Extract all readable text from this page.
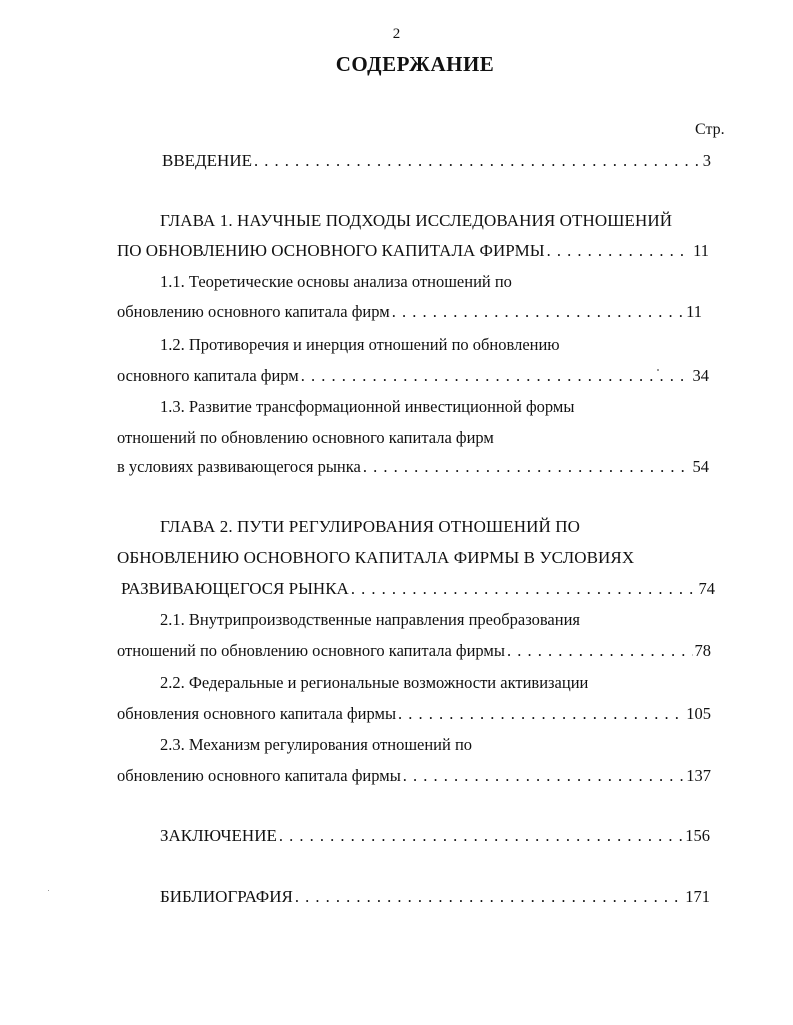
2
СОДЕРЖАНИЕ
Стр.
ВВЕДЕНИЕ . . .	3
ГЛАВА 1. НАУЧНЫЕ ПОДХОДЫ ИССЛЕДОВАНИЯ ОТНОШЕНИЙ
ПО ОБНОВЛЕНИЮ ОСНОВНОГО КАПИТАЛА ФИРМЫ . . .	11
1.1. Теоретические основы анализа отношений по
обновлению основного капитала фирм . . .	11
1.2. Противоречия и инерция отношений по обновлению
основного капитала фирм . . .	34
1.3. Развитие трансформационной инвестиционной формы
отношений по обновлению основного капитала фирм
в условиях развивающегося рынка . . .	54
ГЛАВА 2. ПУТИ РЕГУЛИРОВАНИЯ ОТНОШЕНИЙ ПО
ОБНОВЛЕНИЮ ОСНОВНОГО КАПИТАЛА ФИРМЫ В УСЛОВИЯХ
РАЗВИВАЮЩЕГОСЯ РЫНКА . . .	74
2.1. Внутрипроизводственные направления преобразования
отношений по обновлению основного капитала фирмы . . .	78
2.2. Федеральные и региональные возможности активизации
обновления основного капитала фирмы . . .	105
2.3. Механизм регулирования отношений по
обновлению основного капитала фирмы . . .	137
ЗАКЛЮЧЕНИЕ . . .	156
БИБЛИОГРАФИЯ . . .	171
